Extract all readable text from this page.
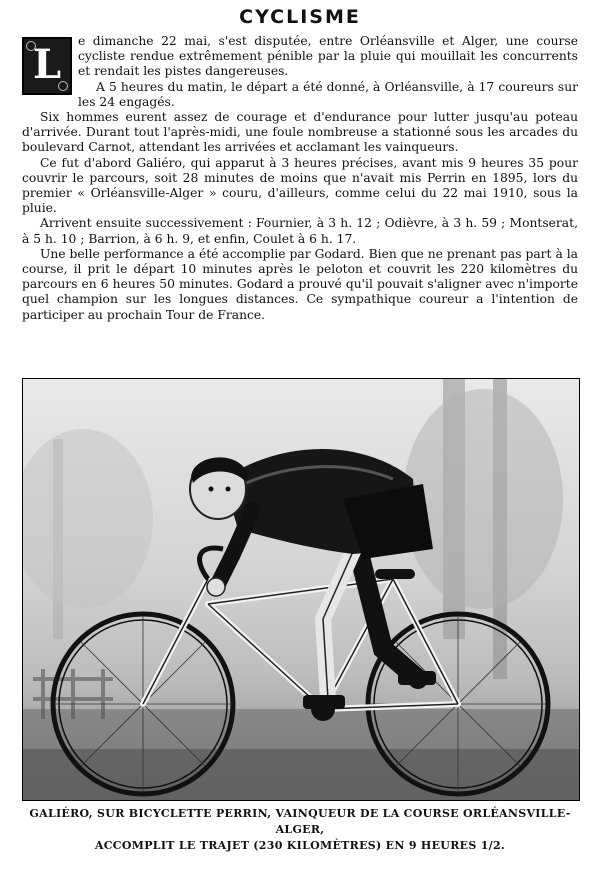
CYCLISME

L	e dimanche 22 mai, s'est disputée, entre Orléansville et Alger, une course cycliste rendue extrêmement pénible par la pluie qui mouillait les concurrents et rendait les pistes dangereuses.

A 5 heures du matin, le départ a été donné, à Orléansville, à 17 coureurs sur les 24 engagés.

Six hommes eurent assez de courage et d'endurance pour lutter jusqu'au poteau d'arrivée. Durant tout l'après-midi, une foule nombreuse a stationné sous les arcades du boulevard Carnot, attendant les arrivées et acclamant les vainqueurs.

Ce fut d'abord Galiéro, qui apparut à 3 heures précises, avant mis 9 heures 35 pour couvrir le parcours, soit 28 minutes de moins que n'avait mis Perrin en 1895, lors du premier « Orléansville-Alger » couru, d'ailleurs, comme celui du 22 mai 1910, sous la pluie.

Arrivent ensuite successivement : Fournier, à 3 h. 12 ; Odièvre, à 3 h. 59 ; Montserat, à 5 h. 10 ; Barrion, à 6 h. 9, et enfin, Coulet à 6 h. 17.

Une belle performance a été accomplie par Godard. Bien que ne prenant pas part à la course, il prit le départ 10 minutes après le peloton et couvrit les 220 kilomètres du parcours en 6 heures 50 minutes. Godard a prouvé qu'il pouvait s'aligner avec n'importe quel champion sur les longues distances. Ce sympathique coureur a l'intention de participer au prochain Tour de France.

GALIÉRO, SUR BICYCLETTE PERRIN, VAINQUEUR DE LA COURSE ORLÉANSVILLE-ALGER,
ACCOMPLIT LE TRAJET (230 KILOMÈTRES) EN 9 HEURES 1/2.
